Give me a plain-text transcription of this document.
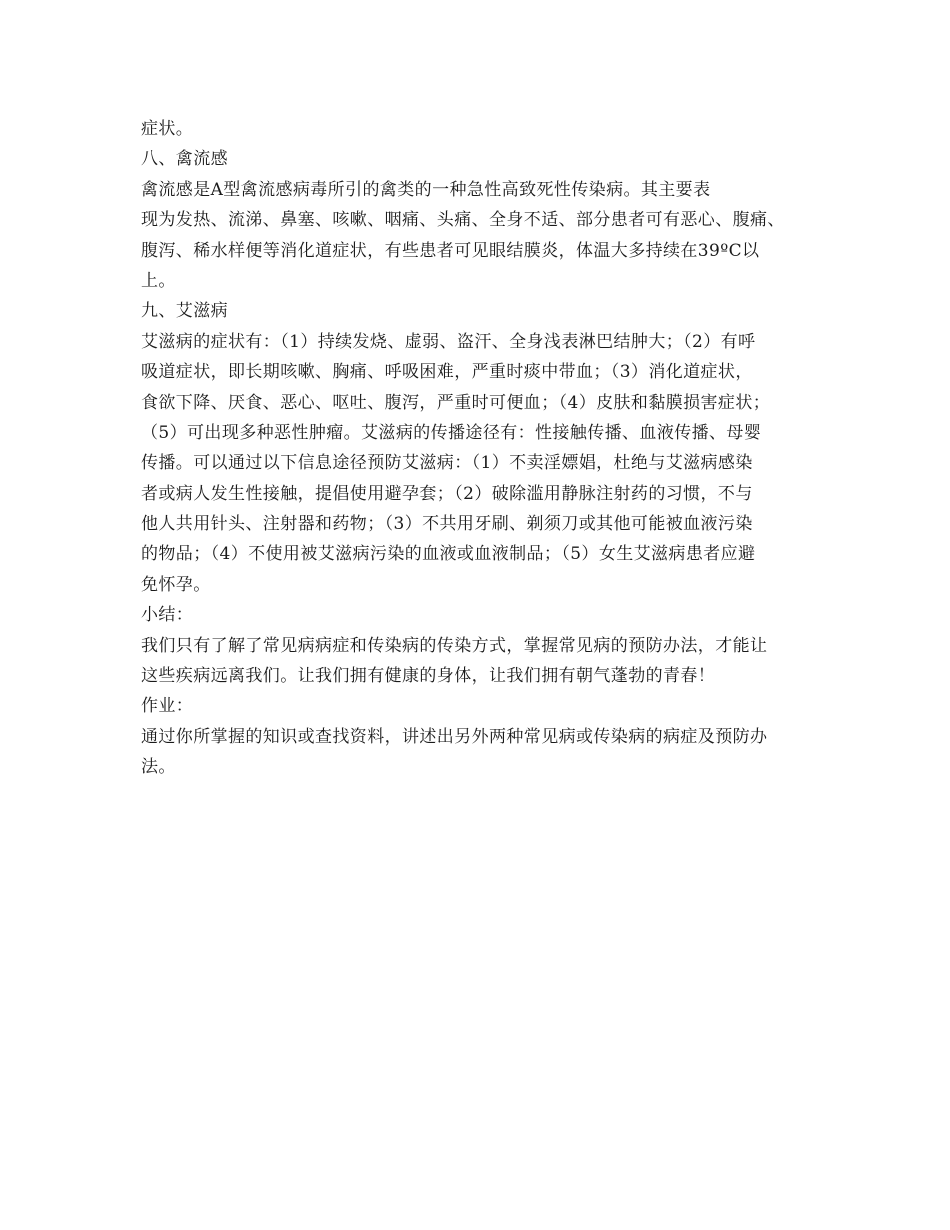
症状。
八、禽流感
禽流感是A型禽流感病毒所引的禽类的一种急性高致死性传染病。其主要表
现为发热、流涕、鼻塞、咳嗽、咽痛、头痛、全身不适、部分患者可有恶心、腹痛、
腹泻、稀水样便等消化道症状，有些患者可见眼结膜炎，体温大多持续在39ºC以
上。
九、艾滋病
艾滋病的症状有：（1）持续发烧、虚弱、盗汗、全身浅表淋巴结肿大；（2）有呼
吸道症状，即长期咳嗽、胸痛、呼吸困难，严重时痰中带血；（3）消化道症状，
食欲下降、厌食、恶心、呕吐、腹泻，严重时可便血；（4）皮肤和黏膜损害症状；
（5）可出现多种恶性肿瘤。艾滋病的传播途径有：性接触传播、血液传播、母婴
传播。可以通过以下信息途径预防艾滋病：（1）不卖淫嫖娼，杜绝与艾滋病感染
者或病人发生性接触，提倡使用避孕套；（2）破除滥用静脉注射药的习惯，不与
他人共用针头、注射器和药物；（3）不共用牙刷、剃须刀或其他可能被血液污染
的物品；（4）不使用被艾滋病污染的血液或血液制品；（5）女生艾滋病患者应避
免怀孕。
小结：
我们只有了解了常见病病症和传染病的传染方式，掌握常见病的预防办法，才能让
这些疾病远离我们。让我们拥有健康的身体，让我们拥有朝气蓬勃的青春！
作业：
通过你所掌握的知识或查找资料，讲述出另外两种常见病或传染病的病症及预防办
法。
